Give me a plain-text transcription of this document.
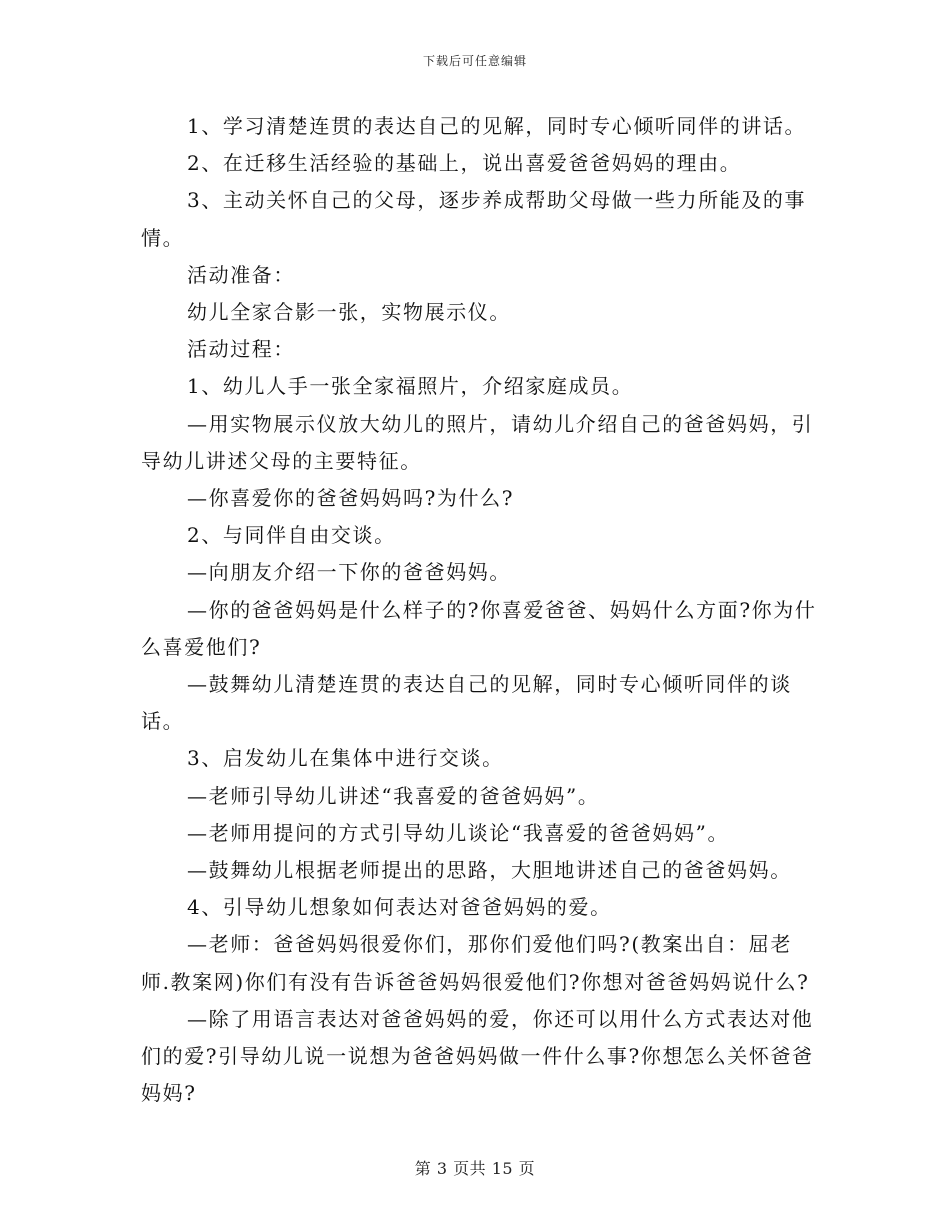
下载后可任意编辑

1、学习清楚连贯的表达自己的见解，同时专心倾听同伴的讲话。

2、在迁移生活经验的基础上，说出喜爱爸爸妈妈的理由。

3、主动关怀自己的父母，逐步养成帮助父母做一些力所能及的事情。

活动准备：

幼儿全家合影一张，实物展示仪。

活动过程：

1、幼儿人手一张全家福照片，介绍家庭成员。

—用实物展示仪放大幼儿的照片，请幼儿介绍自己的爸爸妈妈，引导幼儿讲述父母的主要特征。

—你喜爱你的爸爸妈妈吗?为什么?

2、与同伴自由交谈。

—向朋友介绍一下你的爸爸妈妈。

—你的爸爸妈妈是什么样子的?你喜爱爸爸、妈妈什么方面?你为什么喜爱他们?

—鼓舞幼儿清楚连贯的表达自己的见解，同时专心倾听同伴的谈话。

3、启发幼儿在集体中进行交谈。

—老师引导幼儿讲述“我喜爱的爸爸妈妈”。

—老师用提问的方式引导幼儿谈论“我喜爱的爸爸妈妈”。

—鼓舞幼儿根据老师提出的思路，大胆地讲述自己的爸爸妈妈。

4、引导幼儿想象如何表达对爸爸妈妈的爱。

—老师：爸爸妈妈很爱你们，那你们爱他们吗?(教案出自：屈老师.教案网)你们有没有告诉爸爸妈妈很爱他们?你想对爸爸妈妈说什么?

—除了用语言表达对爸爸妈妈的爱，你还可以用什么方式表达对他们的爱?引导幼儿说一说想为爸爸妈妈做一件什么事?你想怎么关怀爸爸妈妈?

第 3 页共 15 页
